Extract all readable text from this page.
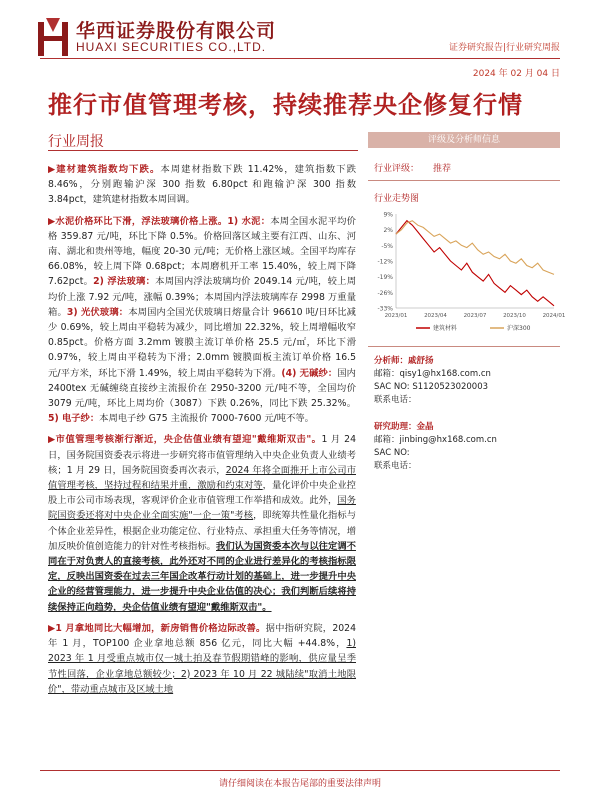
华西证券股份有限公司
HUAXI SECURITIES CO.,LTD.	证券研究报告|行业研究周报
2024 年 02 月 04 日
推行市值管理考核，持续推荐央企修复行情
行业周报

▶建材建筑指数均下跌。本周建材指数下跌 11.42%，建筑指数下跌 8.46%，分别跑输沪深 300 指数 6.80pct 和跑输沪深 300 指数 3.84pct，建筑建材指数本周回调。

▶水泥价格环比下滑，浮法玻璃价格上涨。1) 水泥：本周全国水泥平均价格 359.87 元/吨，环比下降 0.5%。价格回落区域主要有江西、山东、河南、湖北和贵州等地，幅度 20-30 元/吨；无价格上涨区域。全国平均库存 66.08%，较上周下降 0.68pct；本周磨机开工率 15.40%，较上周下降 7.62pct。2) 浮法玻璃：本周国内浮法玻璃均价 2049.14 元/吨，较上周均价上涨 7.92 元/吨，涨幅 0.39%；本周国内浮法玻璃库存 2998 万重量箱。3) 光伏玻璃：本周国内全国光伏玻璃日熔量合计 96610 吨/日环比减少 0.69%，较上周由平稳转为减少，同比增加 22.32%，较上周增幅收窄 0.85pct。价格方面 3.2mm 镀膜主流订单价格 25.5 元/㎡，环比下滑 0.97%，较上周由平稳转为下滑；2.0mm 镀膜面板主流订单价格 16.5 元/平方米，环比下滑 1.49%，较上周由平稳转为下滑。(4) 无碱纱：国内 2400tex 无碱缠绕直接纱主流报价在 2950-3200 元/吨不等，全国均价 3079 元/吨，环比上周均价（3087）下跌 0.26%，同比下跌 25.32%。5) 电子纱：本周电子纱 G75 主流报价 7000-7600 元/吨不等。

▶市值管理考核渐行渐近，央企估值业绩有望迎"戴维斯双击"。1 月 24 日，国务院国资委表示将进一步研究将市值管理纳入中央企业负责人业绩考核；1 月 29 日，国务院国资委再次表示，2024 年将全面推开上市公司市值管理考核，坚持过程和结果并重，激励和约束对等，量化评价中央企业控股上市公司市场表现，客观评价企业市值管理工作举措和成效。此外，国务院国资委还将对中央企业全面实施"一企一策"考核，即统筹共性量化指标与个体企业差异性，根据企业功能定位、行业特点、承担重大任务等情况，增加反映价值创造能力的针对性考核指标。我们认为国资委本次与以往定调不同在于对负责人的直接考核，此外还对不同的企业进行差异化的考核指标限定，反映出国资委在过去三年国企改革行动计划的基础上，进一步提升中央企业的经营管理能力，进一步提升中央企业估值的决心；我们判断后续将持续保持正向趋势，央企估值业绩有望迎"戴维斯双击"。

▶1 月拿地同比大幅增加，新房销售价格边际改善。据中指研究院，2024 年 1 月，TOP100 企业拿地总额 856 亿元，同比大幅 +44.8%，1) 2023 年 1 月受重点城市仅一城土拍及春节假期错峰的影响，供应量呈季节性回落，企业拿地总额较少；2) 2023 年 10 月 22 城陆续"取消土地限价"，带动重点城市及区域土地

评级及分析师信息
行业评级： 推荐
行业走势图
9%
2%
-5%
-12%
-19%
-26%
-33%
2023/01	2023/04	2023/07	2023/10	2024/01
建筑材料	沪深300
分析师：戚舒扬
邮箱：qisy1@hx168.com.cn
SAC NO: S1120523020003
联系电话：
研究助理：金晶
邮箱：jinbing@hx168.com.cn
SAC NO:
联系电话：
请仔细阅读在本报告尾部的重要法律声明
